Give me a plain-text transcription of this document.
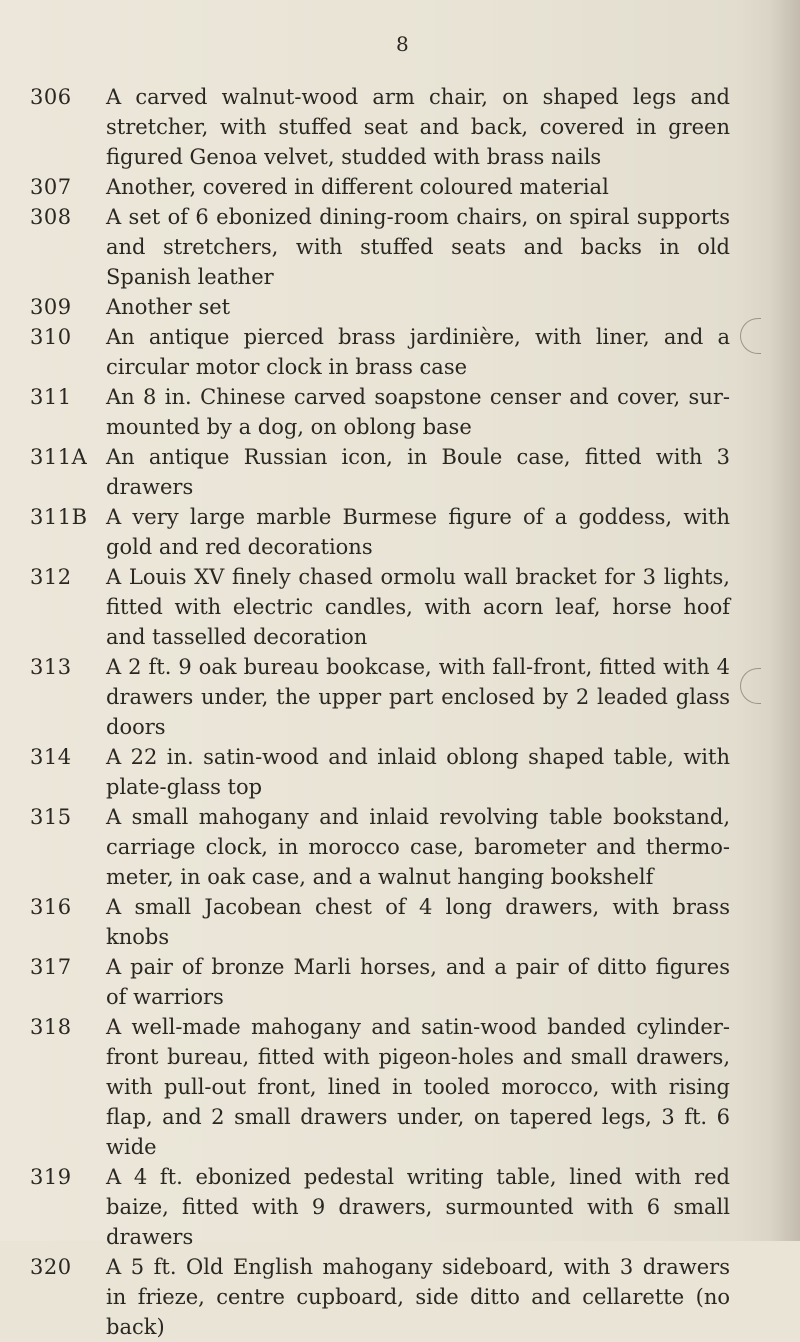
8
306	A carved walnut-wood arm chair, on shaped legs and stretcher, with stuffed seat and back, covered in green figured Genoa velvet, studded with brass nails
307	Another, covered in different coloured material
308	A set of 6 ebonized dining-room chairs, on spiral supports and stretchers, with stuffed seats and backs in old Spanish leather
309	Another set
310	An antique pierced brass jardinière, with liner, and a circular motor clock in brass case
311	An 8 in. Chinese carved soapstone censer and cover, sur-mounted by a dog, on oblong base
311A An antique Russian icon, in Boule case, fitted with 3 drawers
311B A very large marble Burmese figure of a goddess, with gold and red decorations
312	A Louis XV finely chased ormolu wall bracket for 3 lights, fitted with electric candles, with acorn leaf, horse hoof and tasselled decoration
313	A 2 ft. 9 oak bureau bookcase, with fall-front, fitted with 4 drawers under, the upper part enclosed by 2 leaded glass doors
314	A 22 in. satin-wood and inlaid oblong shaped table, with plate-glass top
315	A small mahogany and inlaid revolving table bookstand, carriage clock, in morocco case, barometer and thermo-meter, in oak case, and a walnut hanging bookshelf
316	A small Jacobean chest of 4 long drawers, with brass knobs
317	A pair of bronze Marli horses, and a pair of ditto figures of warriors
318	A well-made mahogany and satin-wood banded cylinder-front bureau, fitted with pigeon-holes and small drawers, with pull-out front, lined in tooled morocco, with rising flap, and 2 small drawers under, on tapered legs, 3 ft. 6 wide
319	A 4 ft. ebonized pedestal writing table, lined with red baize, fitted with 9 drawers, surmounted with 6 small drawers
320	A 5 ft. Old English mahogany sideboard, with 3 drawers in frieze, centre cupboard, side ditto and cellarette (no back)
